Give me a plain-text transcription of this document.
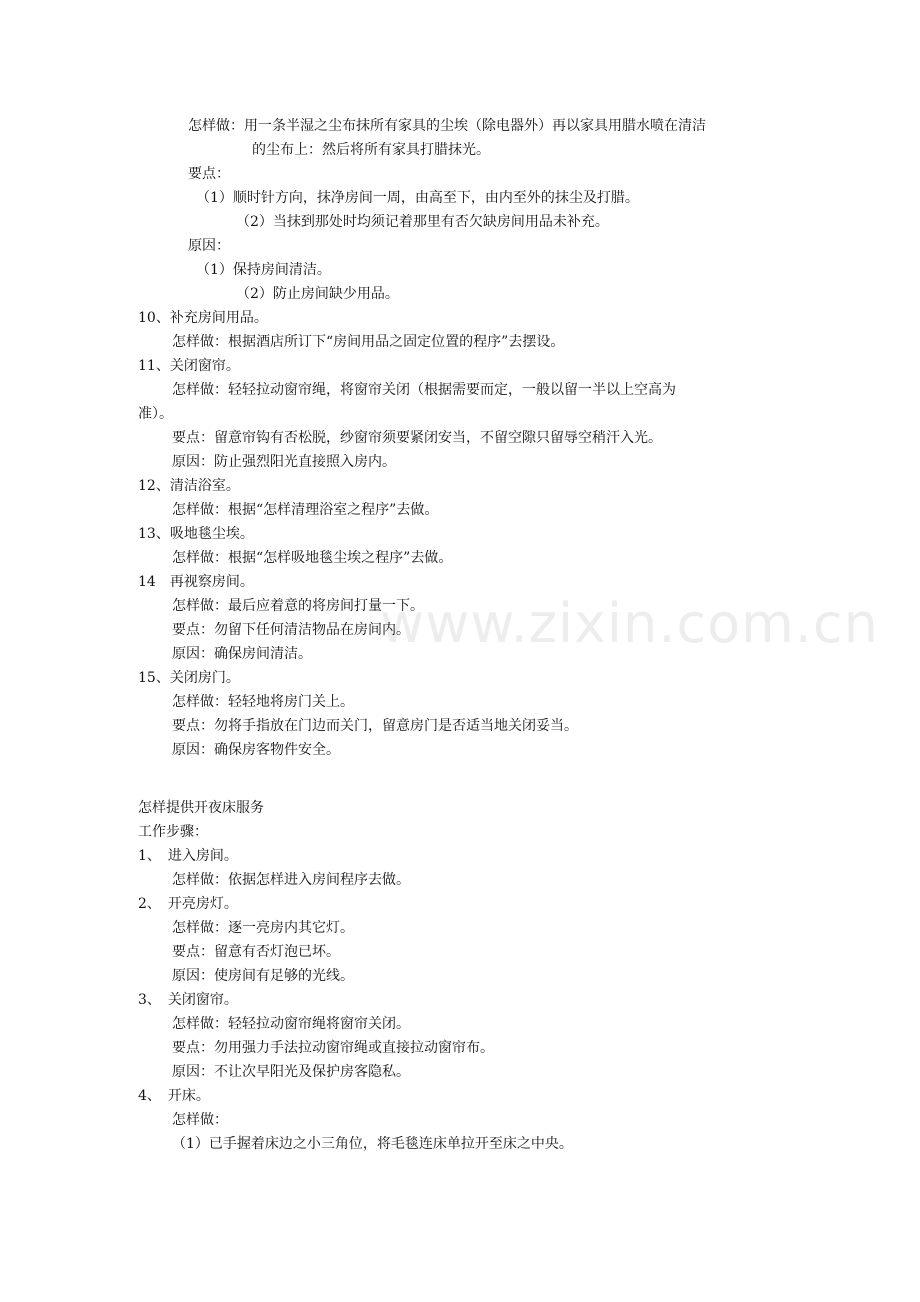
www.zixin.com.cn
怎样做：用一条半湿之尘布抹所有家具的尘埃（除电器外）再以家具用腊水喷在清洁
的尘布上：然后将所有家具打腊抹光。
要点：
（1）顺时针方向，抹净房间一周，由高至下，由内至外的抹尘及打腊。
（2）当抹到那处时均须记着那里有否欠缺房间用品未补充。
原因：
（1）保持房间清洁。
（2）防止房间缺少用品。
10、补充房间用品。
怎样做：根据酒店所订下“房间用品之固定位置的程序”去摆设。
11、关闭窗帘。
怎样做：轻轻拉动窗帘绳，将窗帘关闭（根据需要而定，一般以留一半以上空高为
准）。
要点：留意帘钩有否松脱，纱窗帘须要紧闭安当，不留空隙只留辱空稍汗入光。
原因：防止强烈阳光直接照入房内。
12、清洁浴室。
怎样做：根据“怎样清理浴室之程序”去做。
13、吸地毯尘埃。
怎样做：根据“怎样吸地毯尘埃之程序”去做。
14　再视察房间。
怎样做：最后应着意的将房间打量一下。
要点：勿留下任何清洁物品在房间内。
原因：确保房间清洁。
15、关闭房门。
怎样做：轻轻地将房门关上。
要点：勿将手指放在门边而关门，留意房门是否适当地关闭妥当。
原因：确保房客物件安全。
怎样提供开夜床服务
工作步骤：
1、　进入房间。
怎样做：依据怎样进入房间程序去做。
2、　开亮房灯。
怎样做：逐一亮房内其它灯。
要点：留意有否灯泡已坏。
原因：使房间有足够的光线。
3、　关闭窗帘。
怎样做：轻轻拉动窗帘绳将窗帘关闭。
要点：勿用强力手法拉动窗帘绳或直接拉动窗帘布。
原因：不让次早阳光及保护房客隐私。
4、　开床。
怎样做：
（1）已手握着床边之小三角位，将毛毯连床单拉开至床之中央。
